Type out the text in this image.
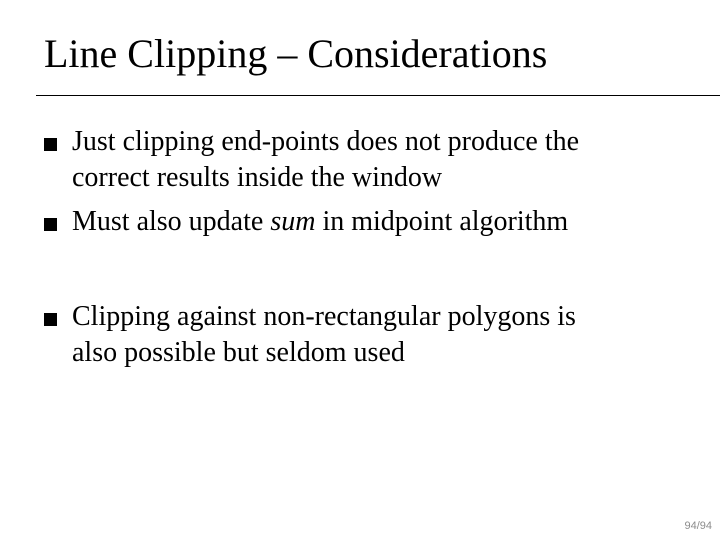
Line Clipping – Considerations
Just clipping end-points does not produce the
correct results inside the window
Must also update sum in midpoint algorithm
Clipping against non-rectangular polygons is
also possible but seldom used
94/94
